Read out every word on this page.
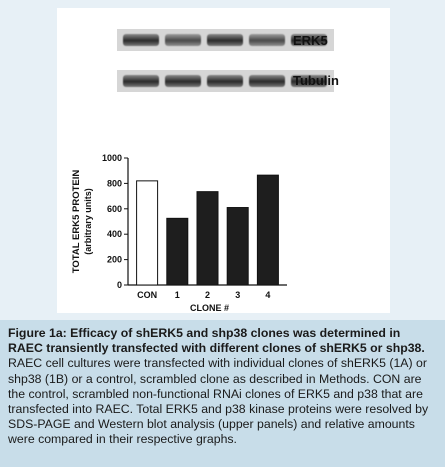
ERK5
Tubulin
0
200
400
600
800
1000
CON 1	2	3	4
CLONE #
TOTAL ERK5 PROTEIN (arbitrary units)
Figure 1a: Efficacy of shERK5 and shp38 clones was determined in RAEC transiently transfected with different clones of shERK5 or shp38. RAEC cell cultures were transfected with individual clones of shERK5 (1A) or shp38 (1B) or a control, scrambled clone as described in Methods. CON are the control, scrambled non-functional RNAi clones of ERK5 and p38 that are transfected into RAEC. Total ERK5 and p38 kinase proteins were resolved by SDS-PAGE and Western blot analysis (upper panels) and relative amounts were compared in their respective graphs.
